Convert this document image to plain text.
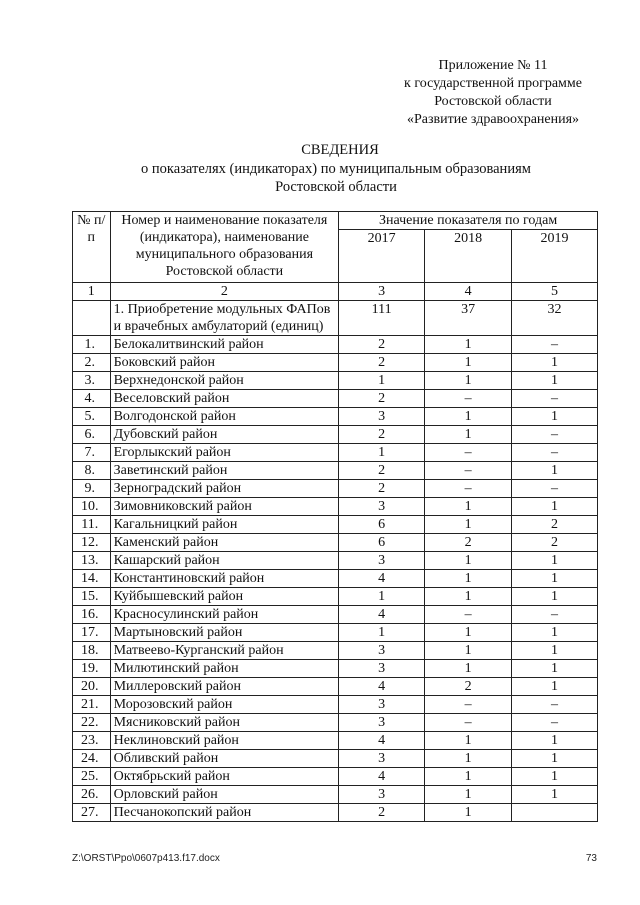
Приложение № 11
к государственной программе
Ростовской области
«Развитие здравоохранения»
СВЕДЕНИЯ
о показателях (индикаторах) по муниципальным образованиям
Ростовской области
№ п/п	Номер и наименование показателя (индикатора), наименование муниципального образования Ростовской области	Значение показателя по годам		
		2017	2018	2019
1	2	3	4	5
	1. Приобретение модульных ФАПов и врачебных амбулаторий (единиц)	111	37	32
1.	Белокалитвинский район	2	1	–
2.	Боковский район	2	1	1
3.	Верхнедонской район	1	1	1
4.	Веселовский район	2	–	–
5.	Волгодонской район	3	1	1
6.	Дубовский район	2	1	–
7.	Егорлыкский район	1	–	–
8.	Заветинский район	2	–	1
9.	Зерноградский район	2	–	–
10.	Зимовниковский район	3	1	1
11.	Кагальницкий район	6	1	2
12.	Каменский район	6	2	2
13.	Кашарский район	3	1	1
14.	Константиновский район	4	1	1
15.	Куйбышевский район	1	1	1
16.	Красносулинский район	4	–	–
17.	Мартыновский район	1	1	1
18.	Матвеево-Курганский район	3	1	1
19.	Милютинский район	3	1	1
20.	Миллеровский район	4	2	1
21.	Морозовский район	3	–	–
22.	Мясниковский район	3	–	–
23.	Неклиновский район	4	1	1
24.	Обливский район	3	1	1
25.	Октябрьский район	4	1	1
26.	Орловский район	3	1	1
27.	Песчанокопский район	2	1	
Z:\ORST\Ppo\0607p413.f17.docx	73
